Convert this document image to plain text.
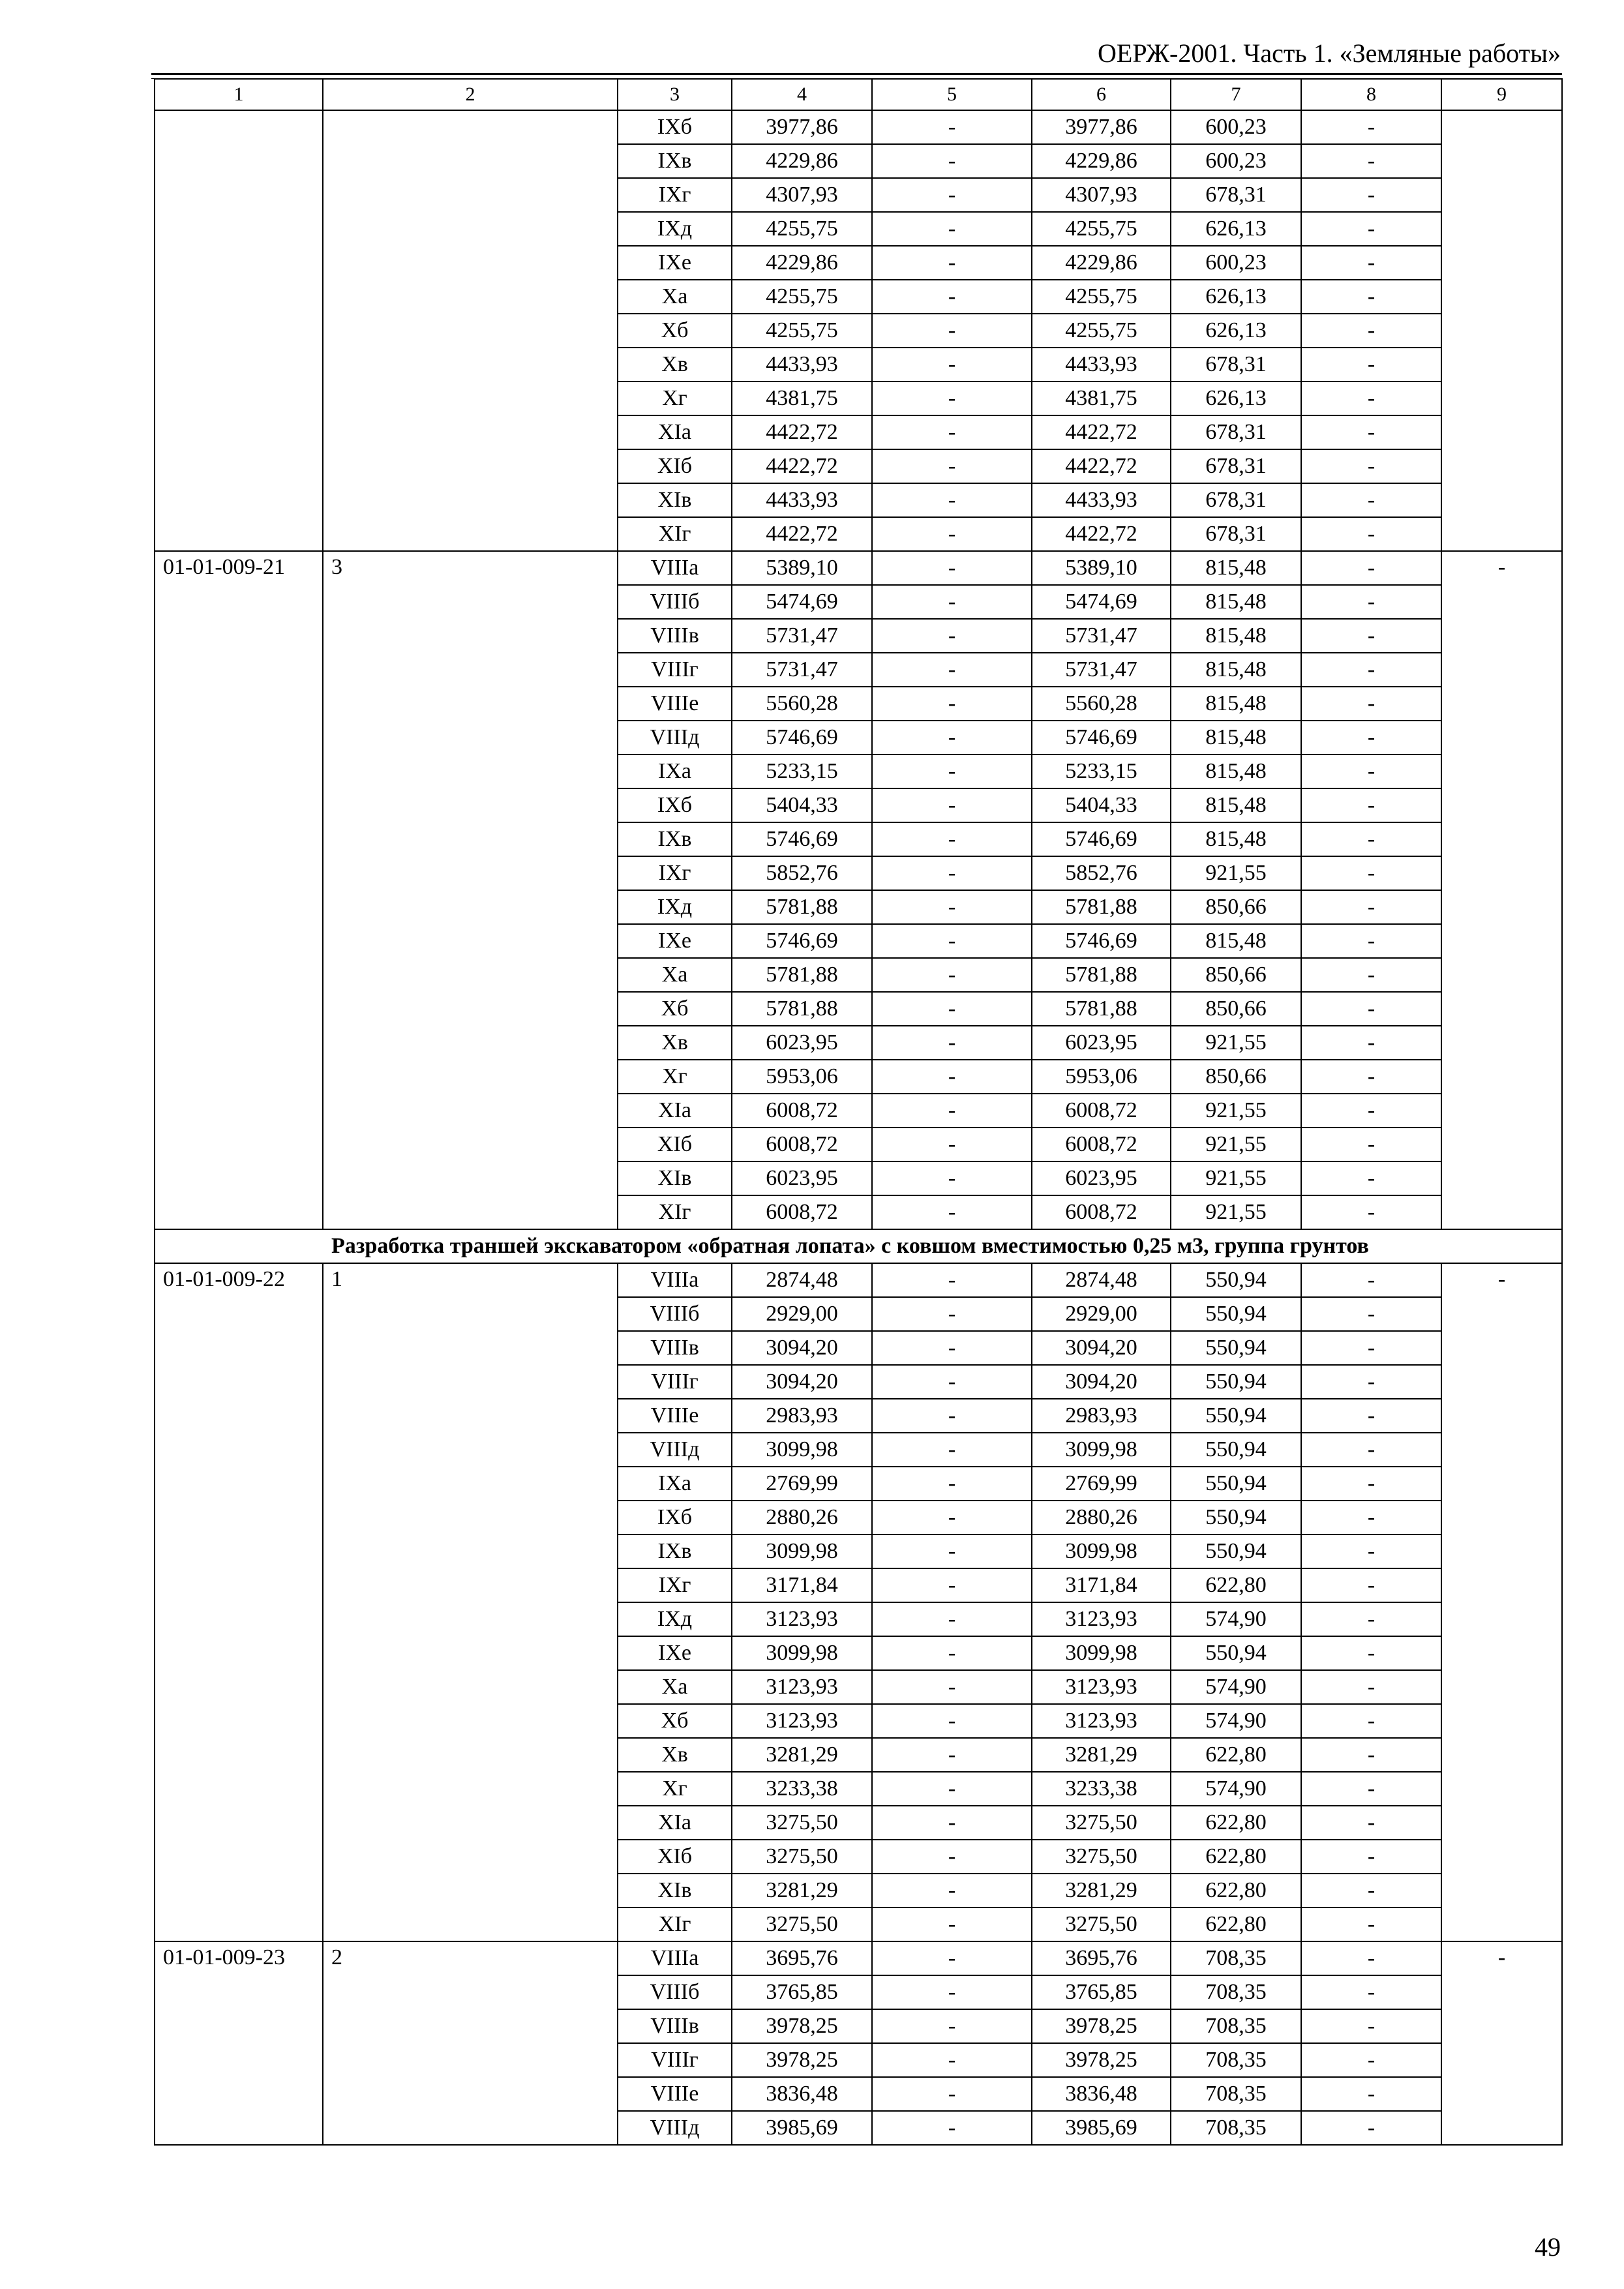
ОЕРЖ-2001. Часть 1. «Земляные работы»
1	2	3	4	5	6	7	8	9
		IXб	3977,86	-	3977,86	600,23	-	
		IXв	4229,86	-	4229,86	600,23	-	
		IXг	4307,93	-	4307,93	678,31	-	
		IXд	4255,75	-	4255,75	626,13	-	
		IXе	4229,86	-	4229,86	600,23	-	
		Xа	4255,75	-	4255,75	626,13	-	
		Xб	4255,75	-	4255,75	626,13	-	
		Xв	4433,93	-	4433,93	678,31	-	
		Xг	4381,75	-	4381,75	626,13	-	
		XIа	4422,72	-	4422,72	678,31	-	
		XIб	4422,72	-	4422,72	678,31	-	
		XIв	4433,93	-	4433,93	678,31	-	
		XIг	4422,72	-	4422,72	678,31	-	
01-01-009-21	3	VIIIа	5389,10	-	5389,10	815,48	-	-
		VIIIб	5474,69	-	5474,69	815,48	-	
		VIIIв	5731,47	-	5731,47	815,48	-	
		VIIIг	5731,47	-	5731,47	815,48	-	
		VIIIе	5560,28	-	5560,28	815,48	-	
		VIIIд	5746,69	-	5746,69	815,48	-	
		IXа	5233,15	-	5233,15	815,48	-	
		IXб	5404,33	-	5404,33	815,48	-	
		IXв	5746,69	-	5746,69	815,48	-	
		IXг	5852,76	-	5852,76	921,55	-	
		IXд	5781,88	-	5781,88	850,66	-	
		IXе	5746,69	-	5746,69	815,48	-	
		Xа	5781,88	-	5781,88	850,66	-	
		Xб	5781,88	-	5781,88	850,66	-	
		Xв	6023,95	-	6023,95	921,55	-	
		Xг	5953,06	-	5953,06	850,66	-	
		XIа	6008,72	-	6008,72	921,55	-	
		XIб	6008,72	-	6008,72	921,55	-	
		XIв	6023,95	-	6023,95	921,55	-	
		XIг	6008,72	-	6008,72	921,55	-	
Разработка траншей экскаватором «обратная лопата» с ковшом вместимостью 0,25 м3, группа грунтов								
01-01-009-22	1	VIIIа	2874,48	-	2874,48	550,94	-	-
		VIIIб	2929,00	-	2929,00	550,94	-	
		VIIIв	3094,20	-	3094,20	550,94	-	
		VIIIг	3094,20	-	3094,20	550,94	-	
		VIIIе	2983,93	-	2983,93	550,94	-	
		VIIIд	3099,98	-	3099,98	550,94	-	
		IXа	2769,99	-	2769,99	550,94	-	
		IXб	2880,26	-	2880,26	550,94	-	
		IXв	3099,98	-	3099,98	550,94	-	
		IXг	3171,84	-	3171,84	622,80	-	
		IXд	3123,93	-	3123,93	574,90	-	
		IXе	3099,98	-	3099,98	550,94	-	
		Xа	3123,93	-	3123,93	574,90	-	
		Xб	3123,93	-	3123,93	574,90	-	
		Xв	3281,29	-	3281,29	622,80	-	
		Xг	3233,38	-	3233,38	574,90	-	
		XIа	3275,50	-	3275,50	622,80	-	
		XIб	3275,50	-	3275,50	622,80	-	
		XIв	3281,29	-	3281,29	622,80	-	
		XIг	3275,50	-	3275,50	622,80	-	
01-01-009-23	2	VIIIа	3695,76	-	3695,76	708,35	-	-
		VIIIб	3765,85	-	3765,85	708,35	-	
		VIIIв	3978,25	-	3978,25	708,35	-	
		VIIIг	3978,25	-	3978,25	708,35	-	
		VIIIе	3836,48	-	3836,48	708,35	-	
		VIIIд	3985,69	-	3985,69	708,35	-	
49
